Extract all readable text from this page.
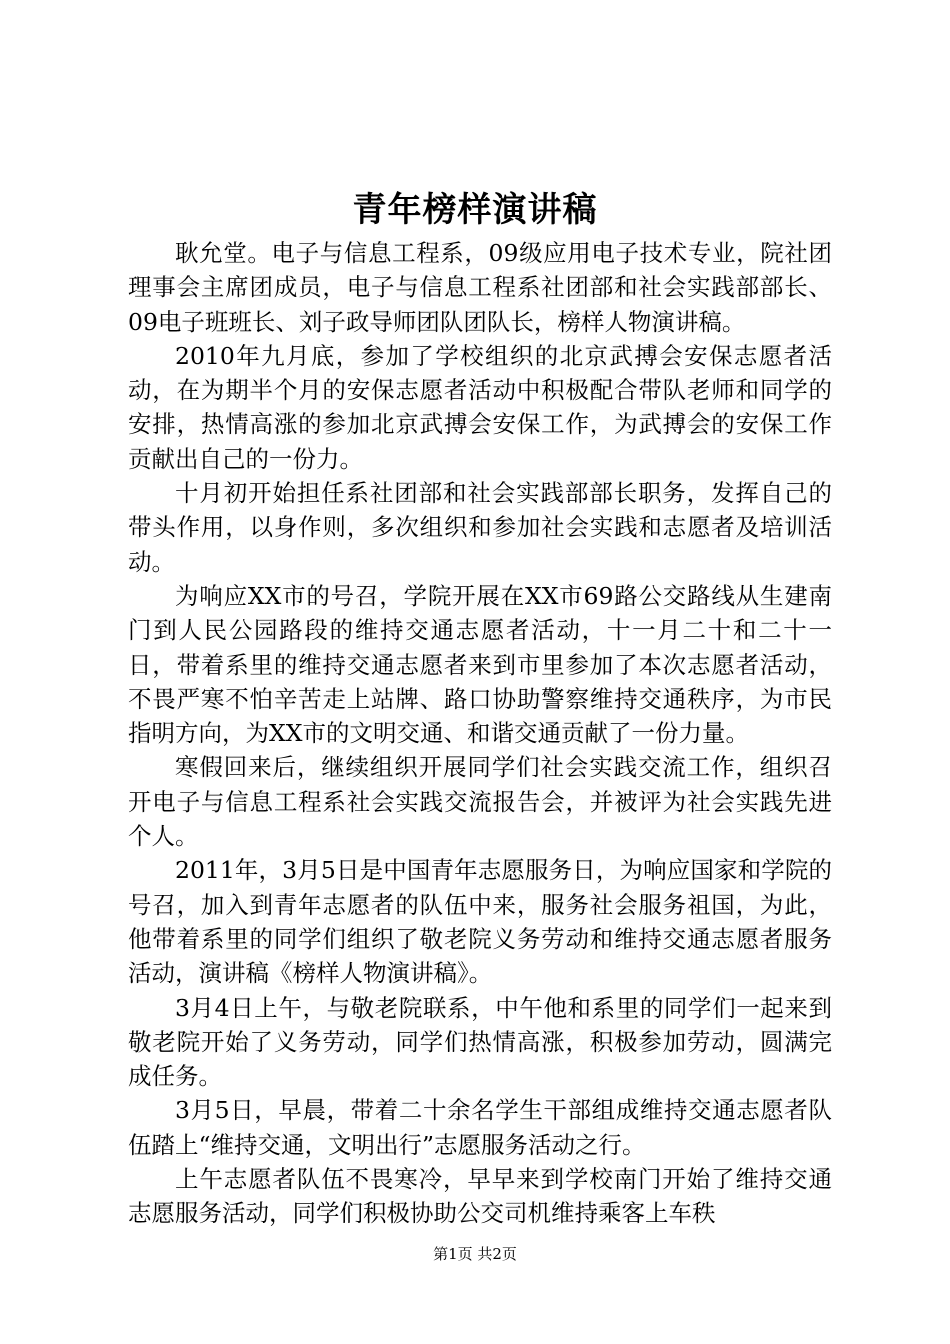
青年榜样演讲稿

耿允堂。电子与信息工程系，09级应用电子技术专业，院社团理事会主席团成员，电子与信息工程系社团部和社会实践部部长、09电子班班长、刘子政导师团队团队长，榜样人物演讲稿。

2010年九月底，参加了学校组织的北京武搏会安保志愿者活动，在为期半个月的安保志愿者活动中积极配合带队老师和同学的安排，热情高涨的参加北京武搏会安保工作，为武搏会的安保工作贡献出自己的一份力。

十月初开始担任系社团部和社会实践部部长职务，发挥自己的带头作用，以身作则，多次组织和参加社会实践和志愿者及培训活动。

为响应XX市的号召，学院开展在XX市69路公交路线从生建南门到人民公园路段的维持交通志愿者活动，十一月二十和二十一日，带着系里的维持交通志愿者来到市里参加了本次志愿者活动，不畏严寒不怕辛苦走上站牌、路口协助警察维持交通秩序，为市民指明方向，为XX市的文明交通、和谐交通贡献了一份力量。

寒假回来后，继续组织开展同学们社会实践交流工作，组织召开电子与信息工程系社会实践交流报告会，并被评为社会实践先进个人。

2011年，3月5日是中国青年志愿服务日，为响应国家和学院的号召，加入到青年志愿者的队伍中来，服务社会服务祖国，为此，他带着系里的同学们组织了敬老院义务劳动和维持交通志愿者服务活动，演讲稿《榜样人物演讲稿》。

3月4日上午，与敬老院联系，中午他和系里的同学们一起来到敬老院开始了义务劳动，同学们热情高涨，积极参加劳动，圆满完成任务。

3月5日，早晨，带着二十余名学生干部组成维持交通志愿者队伍踏上“维持交通，文明出行”志愿服务活动之行。

上午志愿者队伍不畏寒冷，早早来到学校南门开始了维持交通志愿服务活动，同学们积极协助公交司机维持乘客上车秩

第1页 共2页
